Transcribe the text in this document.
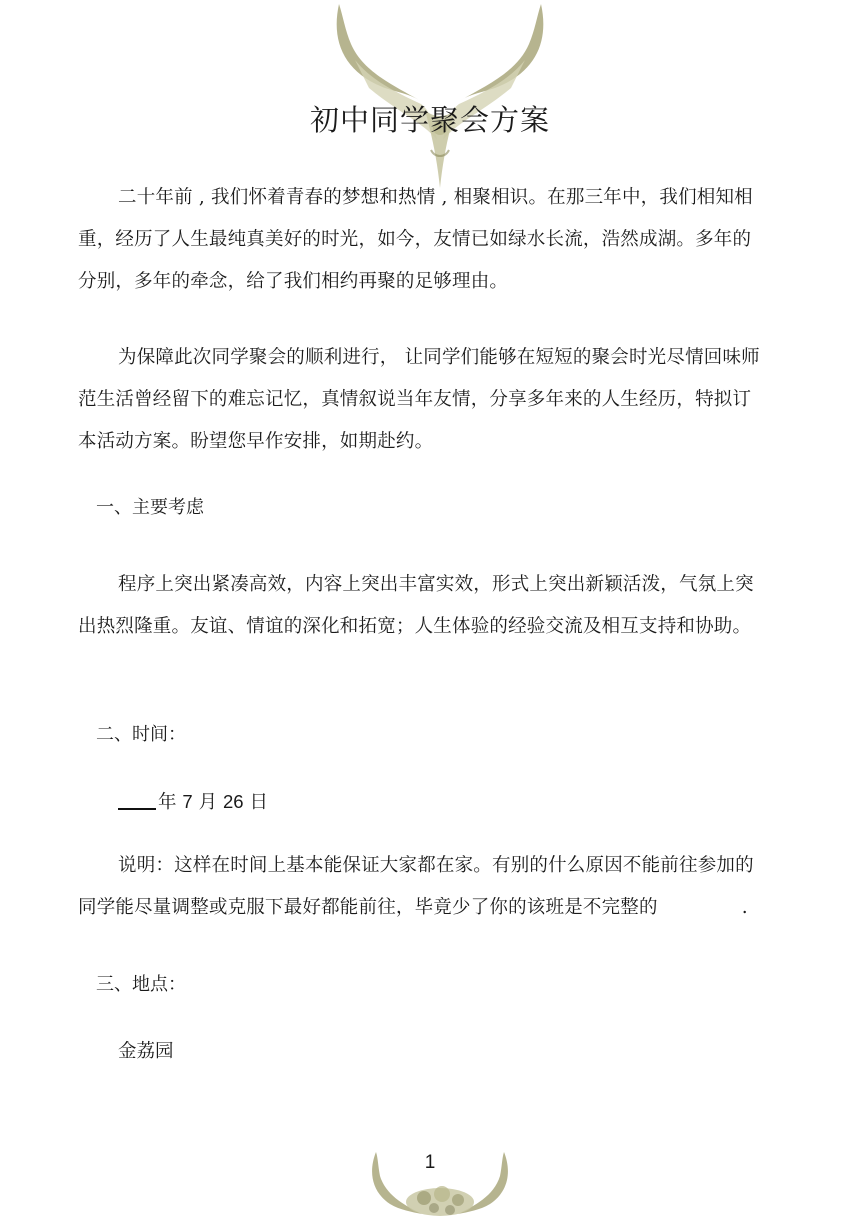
初中同学聚会方案

二十年前 , 我们怀着青春的梦想和热情 , 相聚相识。在那三年中，我们相知相重，经历了人生最纯真美好的时光，如今，友情已如绿水长流，浩然成湖。多年的分别，多年的牵念，给了我们相约再聚的足够理由。

为保障此次同学聚会的顺利进行， 让同学们能够在短短的聚会时光尽情回味师范生活曾经留下的难忘记忆，真情叙说当年友情，分享多年来的人生经历，特拟订本活动方案。盼望您早作安排，如期赴约。

一、主要考虑

程序上突出紧凑高效，内容上突出丰富实效，形式上突出新颖活泼，气氛上突出热烈隆重。友谊、情谊的深化和拓宽；人生体验的经验交流及相互支持和协助。

二、时间：

年 7 月 26 日

说明：这样在时间上基本能保证大家都在家。有别的什么原因不能前往参加的同学能尽量调整或克服下最好都能前往，毕竟少了你的该班是不完整的	.

三、地点：

金荔园

1
